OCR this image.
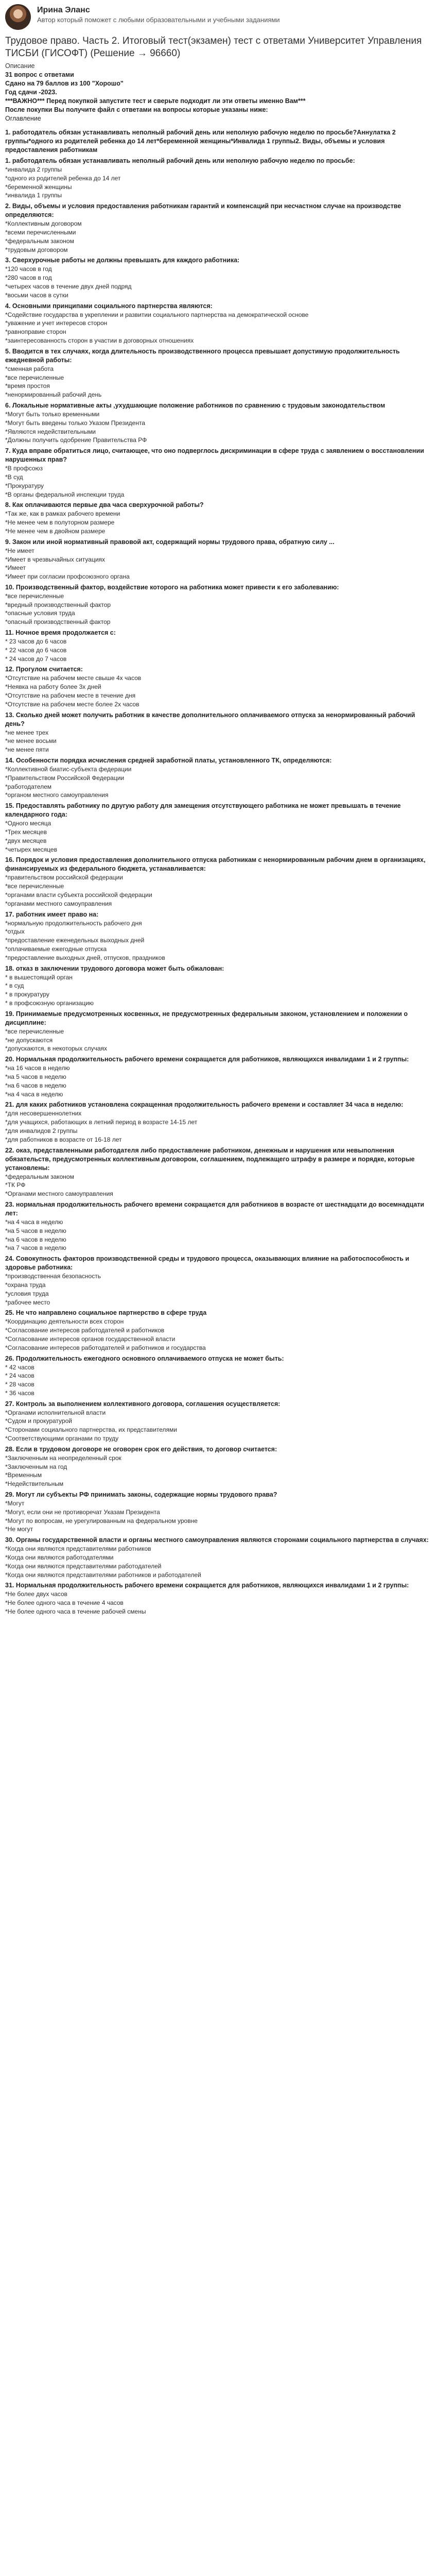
Ирина Эланс
Автор который поможет с любыми образовательными и учебными заданиями
Трудовое право. Часть 2. Итоговый тест(экзамен) тест с ответами Университет Управления ТИСБИ (ГИСОФТ) (Решение → 96660)
Описание
31 вопрос с ответами
Сдано на 79 баллов из 100 "Хорошо"
Год сдачи -2023.
***ВАЖНО*** Перед покупкой запустите тест и сверьте подходит ли эти ответы именно Вам***
После покупки Вы получите файл с ответами на вопросы которые указаны ниже:
Оглавление
1. работодатель обязан устанавливать неполный рабочий день или неполную рабочую неделю по просьбе?Аннулатка 2 группы*одного из родителей ребенка до 14 лет*беременной женщины*Инвалида 1 группы2. Виды, объемы и условия предоставления работникам
1. работодатель обязан устанавливать неполный рабочий день или неполную рабочую неделю по просьбе:
*инвалида 2 группы
*одного из родителей ребенка до 14 лет
*беременной женщины
*инвалида 1 группы
2. Виды, объемы и условия предоставления работникам гарантий и компенсаций при несчастном случае на производстве определяются:
*Коллективным договором
*всеми перечисленными
*федеральным законом
*трудовым договором
3. Сверхурочные работы не должны превышать для каждого работника:
*120 часов в год
*280 часов в год
*четырех часов в течение двух дней подряд
*восьми часов в сутки
4. Основными принципами социального партнерства являются:
*Содействие государства в укреплении и развитии социального партнерства на демократической основе
*уважение и учет интересов сторон
*равноправие сторон
*заинтересованность сторон в участии в договорных отношениях
5. Вводится в тех случаях, когда длительность производственного процесса превышает допустимую продолжительность ежедневной работы:
*сменная работа
*все перечисленные
*время простоя
*ненормированный рабочий день
6. Локальные нормативные акты ,ухудшающие положение работников по сравнению с трудовым законодательством
*Могут быть только временными
*Могут быть введены только Указом Президента
*Являются недействительными
*Должны получить одобрение Правительства РФ
7. Куда вправе обратиться лицо, считающее, что оно подверглось дискриминации в сфере труда с заявлением о восстановлении нарушенных прав?
*В профсоюз
*В суд
*Прокуратуру
*В органы федеральной инспекции труда
8. Как оплачиваются первые два часа сверхурочной работы?
*Так же, как в рамках рабочего времени
*Не менее чем в полуторном размере
*Не менее чем в двойном размере
9. Закон или иной нормативный правовой акт, содержащий нормы трудового права, обратную силу ...
*Не имеет
*Имеет в чрезвычайных ситуациях
*Имеет
*Имеет при согласии профсоюзного органа
10. Производственный фактор, воздействие которого на работника может привести к его заболеванию:
*все перечисленные
*вредный производственный фактор
*опасные условия труда
*опасный производственный фактор
11. Ночное время продолжается с:
* 23 часов до 6 часов
* 22 часов до 6 часов
* 24 часов до 7 часов
12. Прогулом считается:
*Отсутствие на рабочем месте свыше 4х часов
*Неявка на работу более 3х дней
*Отсутствие на рабочем месте в течение дня
*Отсутствие на рабочем месте более 2х часов
13. Сколько дней может получить работник в качестве дополнительного оплачиваемого отпуска за ненормированный рабочий день?
*не менее трех
*не менее восьми
*не менее пяти
14. Особенности порядка исчисления средней заработной платы, установленного ТК, определяются:
*Коллективной биатис-субъекта федерации
*Правительством Российской Федерации
*работодателем
*органом местного самоуправления
15. Предоставлять работнику по другую работу для замещения отсутствующего работника не может превышать в течение календарного года:
*Одного месяца
*Трех месяцев
*двух месяцев
*четырех месяцев
16. Порядок и условия предоставления дополнительного отпуска работникам с ненормированным рабочим днем в организациях, финансируемых из федерального бюджета, устанавливается:
*правительством российской федерации
*все перечисленные
*органами власти субъекта российской федерации
*органами местного самоуправления
17. работник имеет право на:
*нормальную продолжительность рабочего дня
*отдых
*предоставление еженедельных выходных дней
*оплачиваемые ежегодные отпуска
*предоставление выходных дней, отпусков, праздников
18. отказ в заключении трудового договора может быть обжалован:
* в вышестоящий орган
* в суд
* в прокуратуру
* в профсоюзную организацию
19. Принимаемые предусмотренных косвенных, не предусмотренных федеральным законом, установлением и положении о дисциплине:
*все перечисленные
*не допускаются
*допускаются, в некоторых случаях
20. Нормальная продолжительность рабочего времени сокращается для работников, являющихся инвалидами 1 и 2 группы:
*на 16 часов в неделю
*на 5 часов в неделю
*на 6 часов в неделю
*на 4 часа в неделю
21. для каких работников установлена сокращенная продолжительность рабочего времени и составляет 34 часа в неделю:
*для несовершеннолетних
*для учащихся, работающих в летний период в возрасте 14-15 лет
*для инвалидов 2 группы
*для работников в возрасте от 16-18 лет
22. оказ, представленными работодателя либо предоставление работником, денежным и нарушения или невыполнения обязательств, предусмотренных коллективным договором, соглашением, подлежащего штрафу в размере и порядке, которые установлены:
*федеральным законом
*ТК РФ
*Органами местного самоуправления
23. нормальная продолжительность рабочего времени сокращается для работников в возрасте от шестнадцати до восемнадцати лет:
*на 4 часа в неделю
*на 5 часов в неделю
*на 6 часов в неделю
*на 7 часов в неделю
24. Совокупность факторов производственной среды и трудового процесса, оказывающих влияние на работоспособность и здоровье работника:
*производственная безопасность
*охрана труда
*условия труда
*рабочее место
25. Не что направлено социальное партнерство в сфере труда
*Координацию деятельности всех сторон
*Согласование интересов работодателей и работников
*Согласование интересов органов государственной власти
*Согласование интересов работодателей и работников и государства
26. Продолжительность ежегодного основного оплачиваемого отпуска не может быть:
* 42 часов
* 24 часов
* 28 часов
* 36 часов
27. Контроль за выполнением коллективного договора, соглашения осуществляется:
*Органами исполнительной власти
*Судом и прокуратурой
*Сторонами социального партнерства, их представителями
*Соответствующими органами по труду
28. Если в трудовом договоре не оговорен срок его действия, то договор считается:
*Заключенным на неопределенный срок
*Заключенным на год
*Временным
*Недействительным
29. Могут ли субъекты РФ принимать законы, содержащие нормы трудового права?
*Могут
*Могут, если они не противоречат Указам Президента
*Могут по вопросам, не урегулированным на федеральном уровне
*Не могут
30. Органы государственной власти и органы местного самоуправления являются сторонами социального партнерства в случаях:
*Когда они являются представителями работников
*Когда они являются работодателями
*Когда они являются представителями работодателей
*Когда они являются представителями работников и работодателей
31. Нормальная продолжительность рабочего времени сокращается для работников, являющихся инвалидами 1 и 2 группы:
*Не более двух часов
*Не более одного часа в течение 4 часов
*Не более одного часа в течение рабочей смены
